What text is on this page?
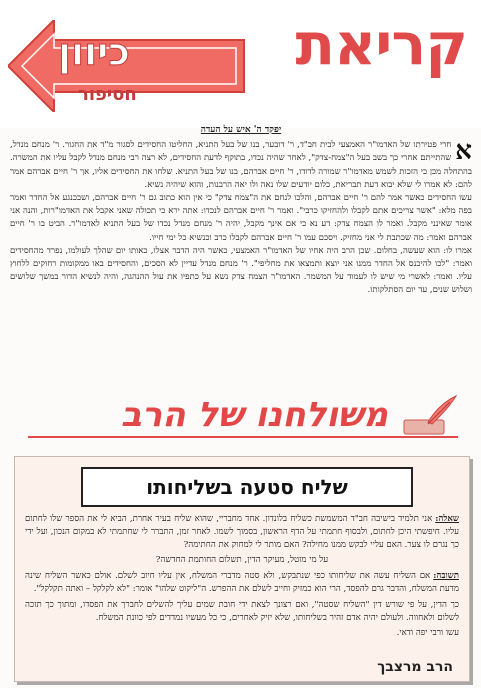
קריאת
כיוון
חסיפור
יפקד ה' איש על העדה

א
חרי פטירתו של האדמו"ר האמצעי לבית חב"ד, ר' דובער, בנו של בעל התניא, החליטו החסידים לסגור מ"ד את החגור. ר' מנחם מנדל, שהתייתם אחרי כך בשב בעל ה"צמח-צדק", לאחר שהיה נכדו, בתוקף לדעת החסידים, לא רצה רבי מנחם מנדל לקבל עליו את המשרה. בהתחלה מכן כי הזכות לשמש מאדמו"ר שמורה לדודו, ר' חיים אברהם, בנו של בעל התניא. שלחו את החסידים אליו, אך ר' חיים אברהם אמר להם: לא אמרו לי שלא יבוא דעת תבריאת, כלום יודעים שלו נאה ולו יאה הרבנות, והוא שיהיה נשיא.

עשו החסידים כאשר אמר להם ר' חיים אברהם, והלכו לנחם את ה"צמח צדק" כי אין הוא כתוב גם ר' חיים אברהם, ושבכנגע אל החדר ואמר בפה מלא: "אשר צריכים אתם לקבלו ולהחזיקו כרבי". ואמר ר' חיים אברהם לנכדו: אתה ירא כי תכולה שאני אקבל את האדמו"רות, והנה אני אומר שאינני מקבל. ואמר לו הצמח צדק: דע נא כי אם אינך מקבל, יהיה ר' מנחם מנדל נכדו של בעל התניא לאדמו"ר. הביט בו ר' חיים אברהם ואמר: מה שכתבת לי אני מחזיק. ויסכם עמו ר' חיים אברהם לקבלו כרב וכנשיא כל ימי חייו.

אמרו לו: הוא שעשה, בחלום. שכן הרב היה אחיו של האדמו"ר האמצעי, כאשר היה הדבר אצלו, כאותו יום שהלך לעולמו, נפרד מהחסידים ואמר: "לכו להיכנס אל החדר ממנו אני יוצא ותמצאו את מחליפי". ר' מנחם מנדל עדיין לא הסכים, והחסידים באו ממקומות רחוקים ללחוץ עליו. ואמר: לאשרי מי שיש לו לעמוד על המשמר. האדמו"ר הצמח צדק נשא על כתפיו את עול ההנהגה, והיה לנשיא הדור במשך שלושים ושלוש שנים, עד יום הסתלקותו.

משולחנו של הרב
שליח סטעה בשליחותו

שאלה:אני תלמיד בישיבה חב"ד המשמשת כשליח בלונדון. אחד מחבריי, שהוא שליח בעיר אחרת, הביא לי את הספר שלו לחתום עליו. חיפשתי היכן לחתום, ולבסוף חתמתי על הדף הראשון, בסמוך לשמו. לאחר זמן, התברר לי שחתמתי לא במקום הנכון, ועל ידי כך נגרם לו צער. האם עליי לבקש ממנו מחילה? האם מותר לי למחוק את החתימה?

על מי מוטל, מעיקר הדין, תשלום החותמת החדשה?

תשובה:אם השליח עשה את שליחותו כפי שנתבקש, ולא סטה מדברי המשלח, אין עליו חיוב לשלם. אולם כאשר השליח שינה מדעת המשלח, והדבר גרם להפסד, הרי הוא כמזיק וחייב לשלם את ההפרש. ה"ליקוט שלהו" אומר: "לא לקלקל – ואתה תקלקל".

כך הדין, על פי שורש דין "השליח שסטה", ואם רצונך לצאת ידי חובת שמים עליך להשלים לחברך את הפסדו, ומתוך כך תזכה לשלום ולאחווה. ולעולם יהיה אדם זהיר בשליחותו, שלא יזיק לאחרים, כי כל מעשיו נמדדים לפי כוונת המשלח.

עשו ורבי יפה ודאי.

הרב מרצבך
